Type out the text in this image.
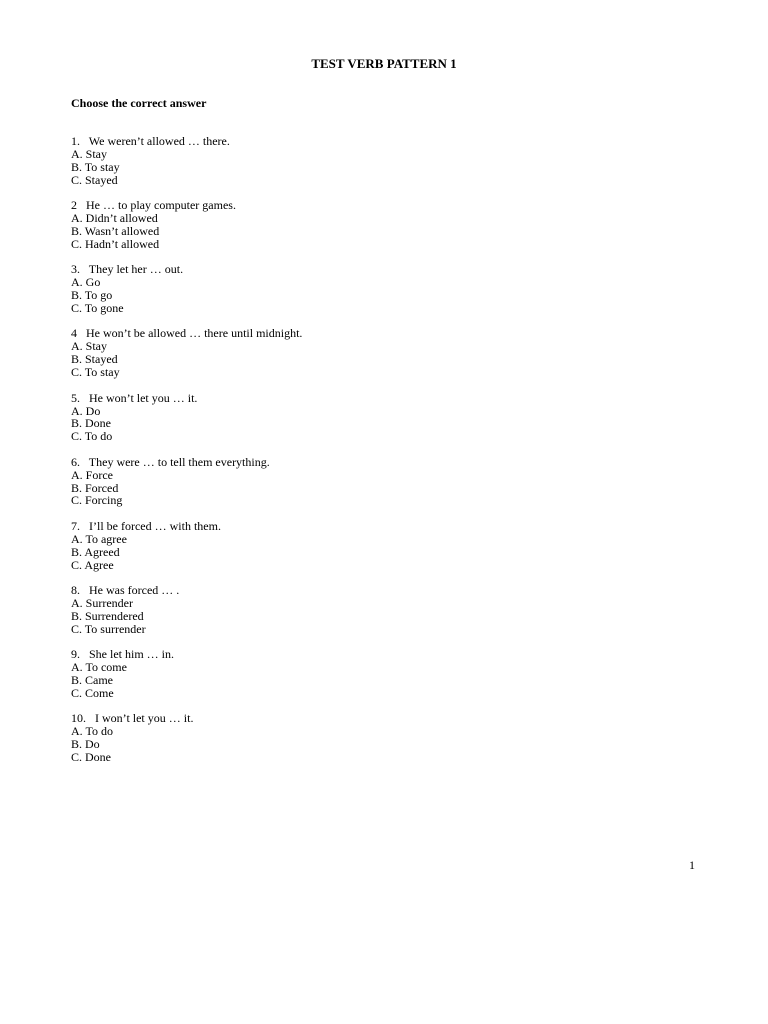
TEST VERB PATTERN 1
Choose the correct answer
1.   We weren’t allowed … there.
A. Stay
B. To stay
C. Stayed
2   He … to play computer games.
A. Didn’t allowed
B. Wasn’t allowed
C. Hadn’t allowed
3.   They let her … out.
A. Go
B. To go
C. To gone
4   He won’t be allowed … there until midnight.
A. Stay
B. Stayed
C. To stay
5.   He won’t let you … it.
A. Do
B. Done
C. To do
6.   They were … to tell them everything.
A. Force
B. Forced
C. Forcing
7.   I’ll be forced … with them.
A. To agree
B. Agreed
C. Agree
8.   He was forced … .
A. Surrender
B. Surrendered
C. To surrender
9.   She let him … in.
A. To come
B. Came
C. Come
10.   I won’t let you … it.
A. To do
B. Do
C. Done
1
